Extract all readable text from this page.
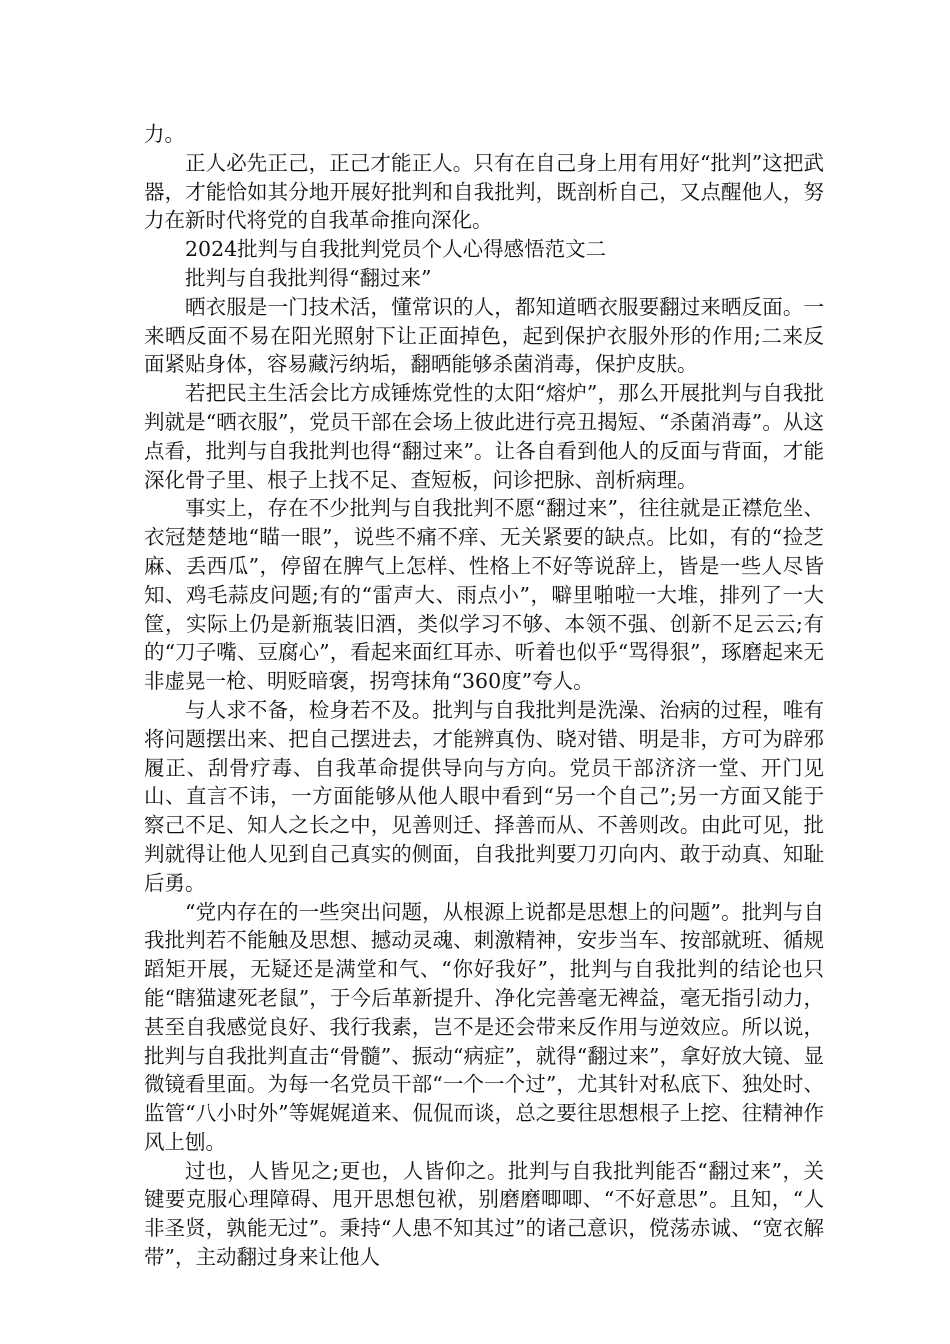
力。

正人必先正己，正己才能正人。只有在自己身上用有用好“批判”这把武器，才能恰如其分地开展好批判和自我批判，既剖析自己，又点醒他人，努力在新时代将党的自我革命推向深化。

2024批判与自我批判党员个人心得感悟范文二

批判与自我批判得“翻过来”

晒衣服是一门技术活，懂常识的人，都知道晒衣服要翻过来晒反面。一来晒反面不易在阳光照射下让正面掉色，起到保护衣服外形的作用;二来反面紧贴身体，容易藏污纳垢，翻晒能够杀菌消毒，保护皮肤。

若把民主生活会比方成锤炼党性的太阳“熔炉”，那么开展批判与自我批判就是“晒衣服”，党员干部在会场上彼此进行亮丑揭短、“杀菌消毒”。从这点看，批判与自我批判也得“翻过来”。让各自看到他人的反面与背面，才能深化骨子里、根子上找不足、查短板，问诊把脉、剖析病理。

事实上，存在不少批判与自我批判不愿“翻过来”，往往就是正襟危坐、衣冠楚楚地“瞄一眼”，说些不痛不痒、无关紧要的缺点。比如，有的“捡芝麻、丢西瓜”，停留在脾气上怎样、性格上不好等说辞上，皆是一些人尽皆知、鸡毛蒜皮问题;有的“雷声大、雨点小”，噼里啪啦一大堆，排列了一大筐，实际上仍是新瓶装旧酒，类似学习不够、本领不强、创新不足云云;有的“刀子嘴、豆腐心”，看起来面红耳赤、听着也似乎“骂得狠”，琢磨起来无非虚晃一枪、明贬暗褒，拐弯抹角“360度”夸人。

与人求不备，检身若不及。批判与自我批判是洗澡、治病的过程，唯有将问题摆出来、把自己摆进去，才能辨真伪、晓对错、明是非，方可为辟邪履正、刮骨疗毒、自我革命提供导向与方向。党员干部济济一堂、开门见山、直言不讳，一方面能够从他人眼中看到“另一个自己”;另一方面又能于察己不足、知人之长之中，见善则迁、择善而从、不善则改。由此可见，批判就得让他人见到自己真实的侧面，自我批判要刀刃向内、敢于动真、知耻后勇。

“党内存在的一些突出问题，从根源上说都是思想上的问题”。批判与自我批判若不能触及思想、撼动灵魂、刺激精神，安步当车、按部就班、循规蹈矩开展，无疑还是满堂和气、“你好我好”，批判与自我批判的结论也只能“瞎猫逮死老鼠”，于今后革新提升、净化完善毫无裨益，毫无指引动力，甚至自我感觉良好、我行我素，岂不是还会带来反作用与逆效应。所以说，批判与自我批判直击“骨髓”、振动“病症”，就得“翻过来”，拿好放大镜、显微镜看里面。为每一名党员干部“一个一个过”，尤其针对私底下、独处时、监管“八小时外”等娓娓道来、侃侃而谈，总之要往思想根子上挖、往精神作风上刨。

过也，人皆见之;更也，人皆仰之。批判与自我批判能否“翻过来”，关键要克服心理障碍、甩开思想包袱，别磨磨唧唧、“不好意思”。且知，“人非圣贤，孰能无过”。秉持“人患不知其过”的诸己意识，傥荡赤诚、“宽衣解带”，主动翻过身来让他人
